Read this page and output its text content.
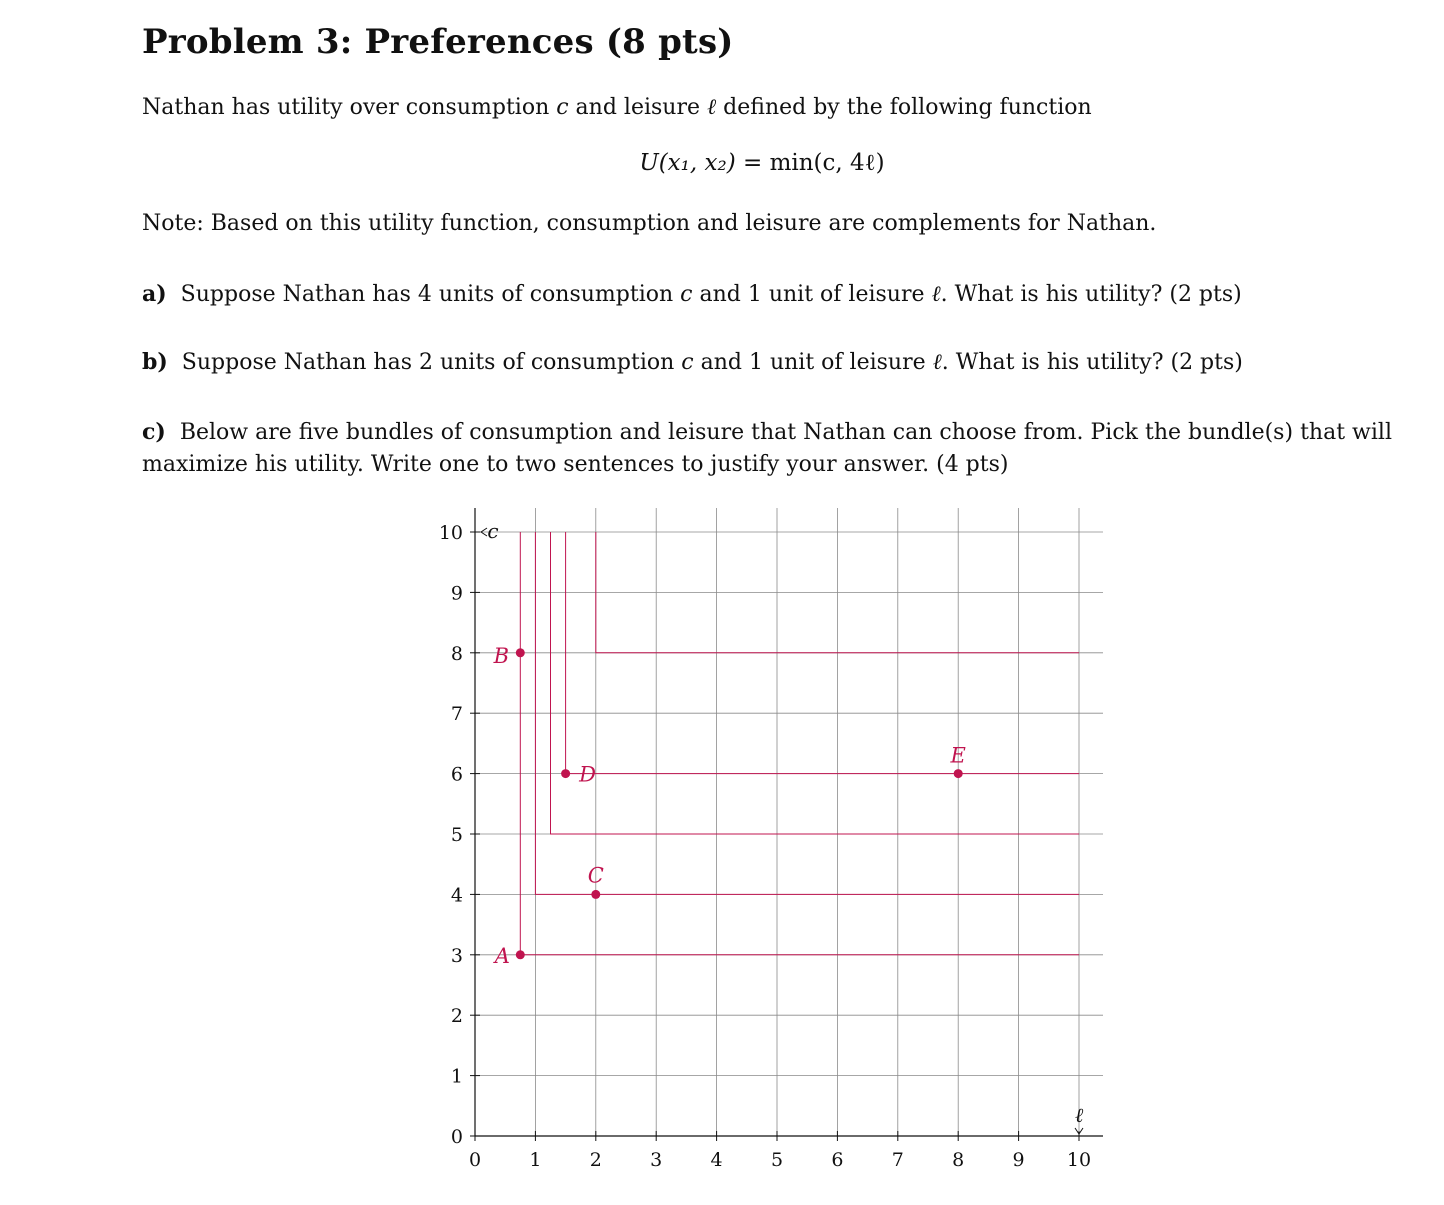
Problem 3: Preferences (8 pts)

Nathan has utility over consumption c and leisure ℓ defined by the following function

U(x₁, x₂) = min(c, 4ℓ)

Note: Based on this utility function, consumption and leisure are complements for Nathan.

a) Suppose Nathan has 4 units of consumption c and 1 unit of leisure ℓ. What is his utility? (2 pts)

b) Suppose Nathan has 2 units of consumption c and 1 unit of leisure ℓ. What is his utility? (2 pts)

c) Below are five bundles of consumption and leisure that Nathan can choose from. Pick the bundle(s) that will maximize his utility. Write one to two sentences to justify your answer. (4 pts)

0	1	2	3	4	5	6	7	8	9 10
0
1
2
3
4
5
6
7
8
9
10
ℓ
c
A
B
C
D
E
